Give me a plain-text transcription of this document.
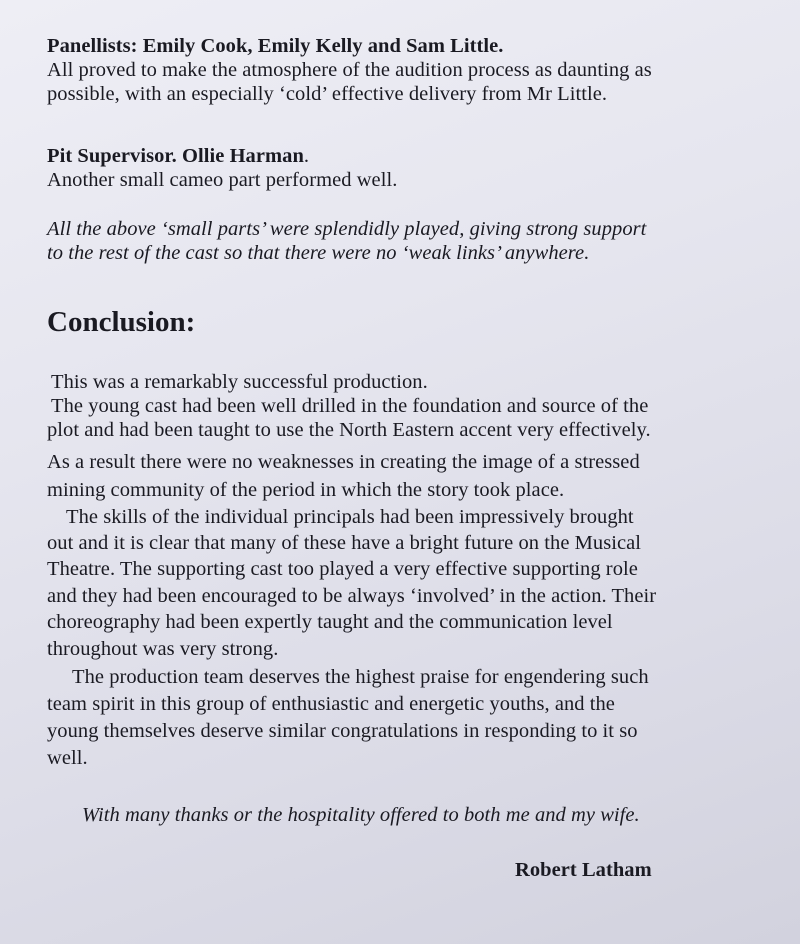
Panellists: Emily Cook, Emily Kelly and Sam Little.
All proved to make the atmosphere of the audition process as daunting as
possible, with an especially ‘cold’ effective delivery from Mr Little.
Pit Supervisor. Ollie Harman.
Another small cameo part performed well.
All the above ‘small parts’ were splendidly played, giving strong support
to the rest of the cast so that there were no ‘weak links’ anywhere.
Conclusion:
This was a remarkably successful production.
The young cast had been well drilled in the foundation and source of the
plot and had been taught to use the North Eastern accent very effectively.
As a result there were no weaknesses in creating the image of a stressed
mining community of the period in which the story took place.
The skills of the individual principals had been impressively brought
out and it is clear that many of these have a bright future on the Musical
Theatre. The supporting cast too played a very effective supporting role
and they had been encouraged to be always ‘involved’ in the action. Their
choreography had been expertly taught and the communication level
throughout was very strong.
The production team deserves the highest praise for engendering such
team spirit in this group of enthusiastic and energetic youths, and the
young themselves deserve similar congratulations in responding to it so
well.
With many thanks or the hospitality offered to both me and my wife.
Robert Latham
